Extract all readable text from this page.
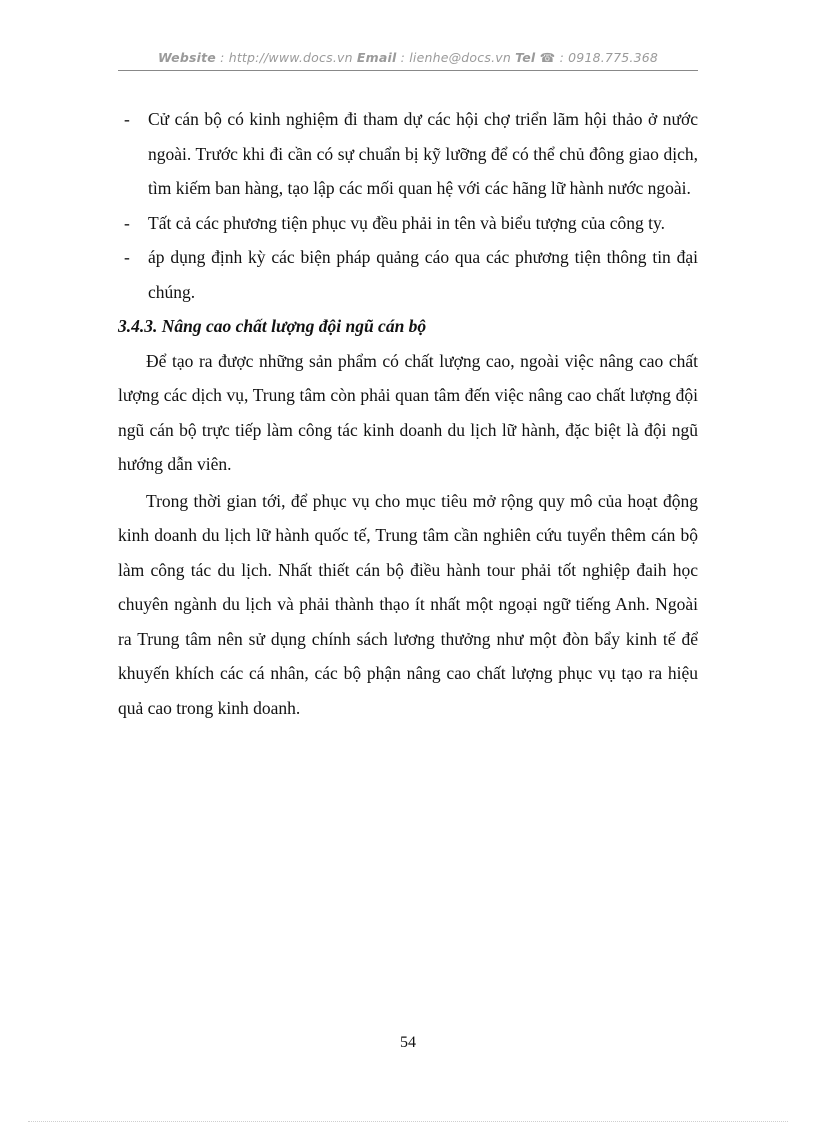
Website : http://www.docs.vn Email : lienhe@docs.vn Tel ☎ : 0918.775.368
- Cử cán bộ có kinh nghiệm đi tham dự các hội chợ triển lãm hội thảo ở nước ngoài. Trước khi đi cần có sự chuẩn bị kỹ lưỡng để có thể chủ đông giao dịch, tìm kiếm ban hàng, tạo lập các mối quan hệ với các hãng lữ hành nước ngoài.
- Tất cả các phương tiện phục vụ đều phải in tên và biểu tượng của công ty.
- áp dụng định kỳ các biện pháp quảng cáo qua các phương tiện thông tin đại chúng.
3.4.3. Nâng cao chất lượng đội ngũ cán bộ

Để tạo ra được những sản phẩm có chất lượng cao, ngoài việc nâng cao chất lượng các dịch vụ, Trung tâm còn phải quan tâm đến việc nâng cao chất lượng đội ngũ cán bộ trực tiếp làm công tác kinh doanh du lịch lữ hành, đặc biệt là đội ngũ hướng dẫn viên.

Trong thời gian tới, để phục vụ cho mục tiêu mở rộng quy mô của hoạt động kinh doanh du lịch lữ hành quốc tế, Trung tâm cần nghiên cứu tuyển thêm cán bộ làm công tác du lịch. Nhất thiết cán bộ điều hành tour phải tốt nghiệp đaih học chuyên ngành du lịch và phải thành thạo ít nhất một ngoại ngữ tiếng Anh. Ngoài ra Trung tâm nên sử dụng chính sách lương thưởng như một đòn bẩy kinh tế để khuyến khích các cá nhân, các bộ phận nâng cao chất lượng phục vụ tạo ra hiệu quả cao trong kinh doanh.

54
